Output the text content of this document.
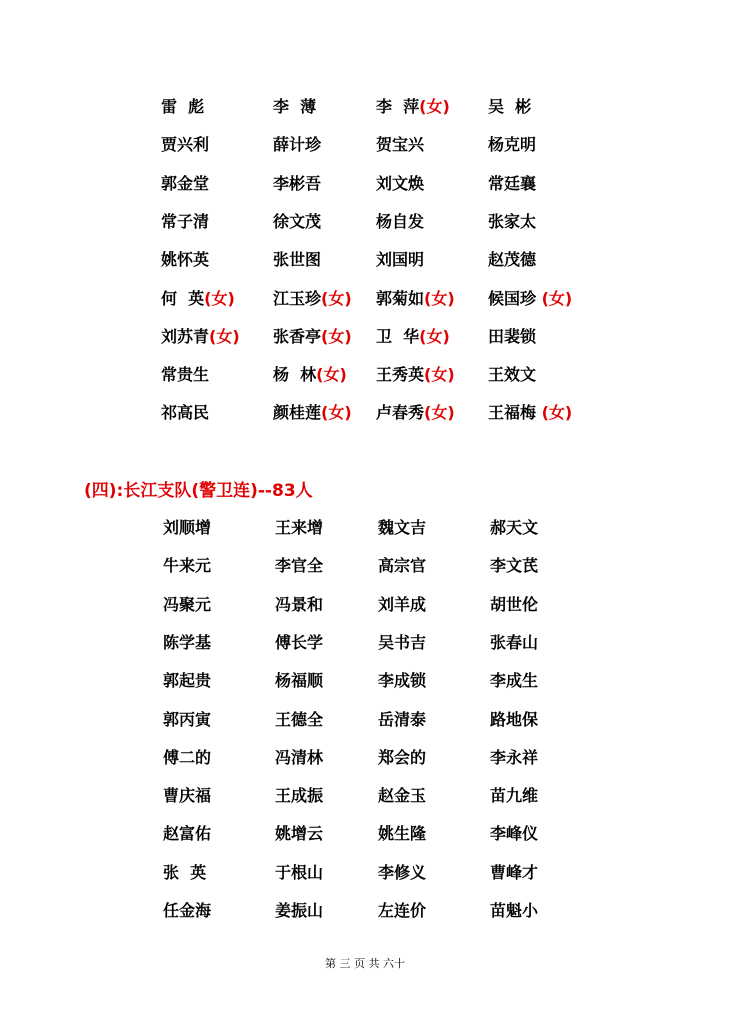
雷  彪	李  薄	李  萍(女) 吴  彬
贾兴利	薛计珍	贺宝兴	杨克明
郭金堂	李彬吾	刘文焕	常廷襄
常子清	徐文茂	杨自发	张家太
姚怀英	张世图	刘国明	赵茂德
何  英(女) 江玉珍(女) 郭菊如(女) 候国珍 (女)
刘苏青(女) 张香亭(女) 卫  华(女) 田裴锁
常贵生	杨  林(女) 王秀英(女) 王效文
祁高民	颜桂莲(女) 卢春秀(女) 王福梅 (女)
(四):长江支队(警卫连)--83人
刘顺增	王来增	魏文吉	郝天文
牛来元	李官全	高宗官	李文芪
冯聚元	冯景和	刘羊成	胡世伦
陈学基	傅长学	吴书吉	张春山
郭起贵	杨福顺	李成锁	李成生
郭丙寅	王德全	岳清泰	路地保
傅二的	冯清林	郑会的	李永祥
曹庆福	王成振	赵金玉	苗九维
赵富佑	姚增云	姚生隆	李峰仪
张  英	于根山	李修义	曹峰才
任金海	姜振山	左连价	苗魁小
第 三 页 共 六十
